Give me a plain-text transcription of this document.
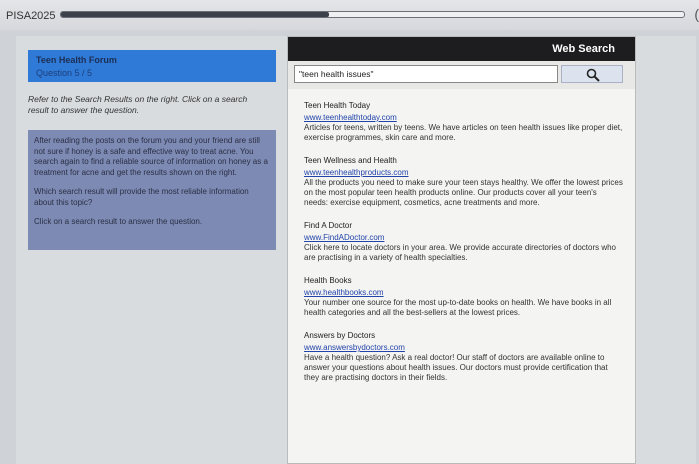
PISA2025	(
Teen Health Forum
Question 5 / 5
Refer to the Search Results on the right. Click on a search result to answer the question.

After reading the posts on the forum you and your friend are still not sure if honey is a safe and effective way to treat acne. You search again to find a reliable source of information on honey as a treatment for acne and get the results shown on the right.

Which search result will provide the most reliable information about this topic?

Click on a search result to answer the question.

Web Search
"teen health issues"
Teen Health Today
www.teenhealthtoday.com
Articles for teens, written by teens. We have articles on teen health issues like proper diet, exercise programmes, skin care and more.
Teen Wellness and Health
www.teenhealthproducts.com
All the products you need to make sure your teen stays healthy. We offer the lowest prices on the most popular teen health products online. Our products cover all your teen's needs: exercise equipment, cosmetics, acne treatments and more.
Find A Doctor
www.FindADoctor.com
Click here to locate doctors in your area. We provide accurate directories of doctors who are practising in a variety of health specialties.
Health Books
www.healthbooks.com
Your number one source for the most up-to-date books on health. We have books in all health categories and all the best-sellers at the lowest prices.
Answers by Doctors
www.answersbydoctors.com
Have a health question? Ask a real doctor! Our staff of doctors are available online to answer your questions about health issues. Our doctors must provide certification that they are practising doctors in their fields.
